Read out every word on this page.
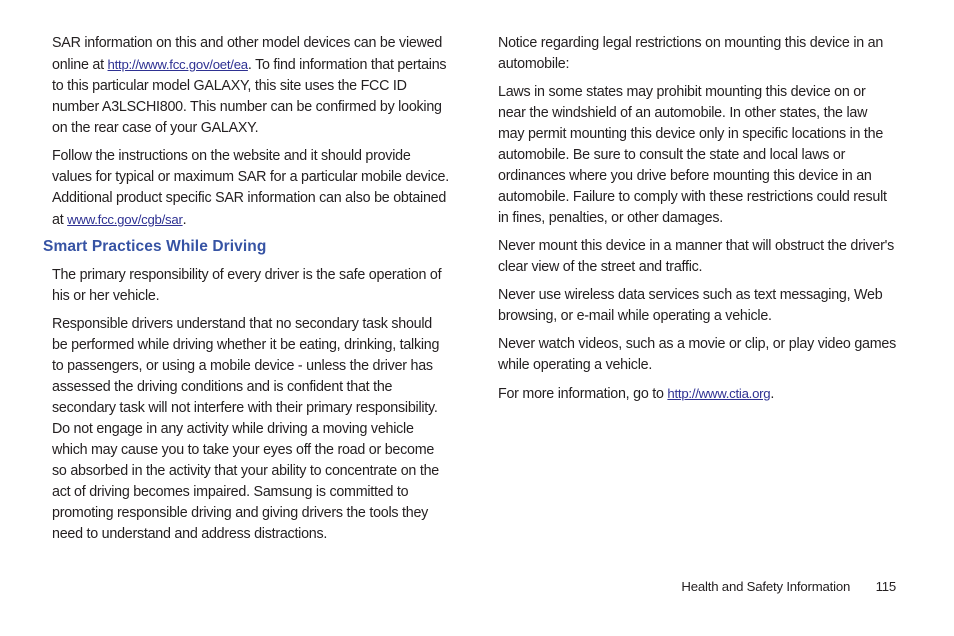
SAR information on this and other model devices can be viewed online at http://www.fcc.gov/oet/ea. To find information that pertains to this particular model GALAXY, this site uses the FCC ID number A3LSCHI800. This number can be confirmed by looking on the rear case of your GALAXY.

Follow the instructions on the website and it should provide values for typical or maximum SAR for a particular mobile device. Additional product specific SAR information can also be obtained at www.fcc.gov/cgb/sar.

Smart Practices While Driving

The primary responsibility of every driver is the safe operation of his or her vehicle.

Responsible drivers understand that no secondary task should be performed while driving whether it be eating, drinking, talking to passengers, or using a mobile device - unless the driver has assessed the driving conditions and is confident that the secondary task will not interfere with their primary responsibility. Do not engage in any activity while driving a moving vehicle which may cause you to take your eyes off the road or become so absorbed in the activity that your ability to concentrate on the act of driving becomes impaired. Samsung is committed to promoting responsible driving and giving drivers the tools they need to understand and address distractions.

Notice regarding legal restrictions on mounting this device in an automobile:

Laws in some states may prohibit mounting this device on or near the windshield of an automobile. In other states, the law may permit mounting this device only in specific locations in the automobile. Be sure to consult the state and local laws or ordinances where you drive before mounting this device in an automobile. Failure to comply with these restrictions could result in fines, penalties, or other damages.

Never mount this device in a manner that will obstruct the driver's clear view of the street and traffic.

Never use wireless data services such as text messaging, Web browsing, or e-mail while operating a vehicle.

Never watch videos, such as a movie or clip, or play video games while operating a vehicle.

For more information, go to http://www.ctia.org.

Health and Safety Information 115
